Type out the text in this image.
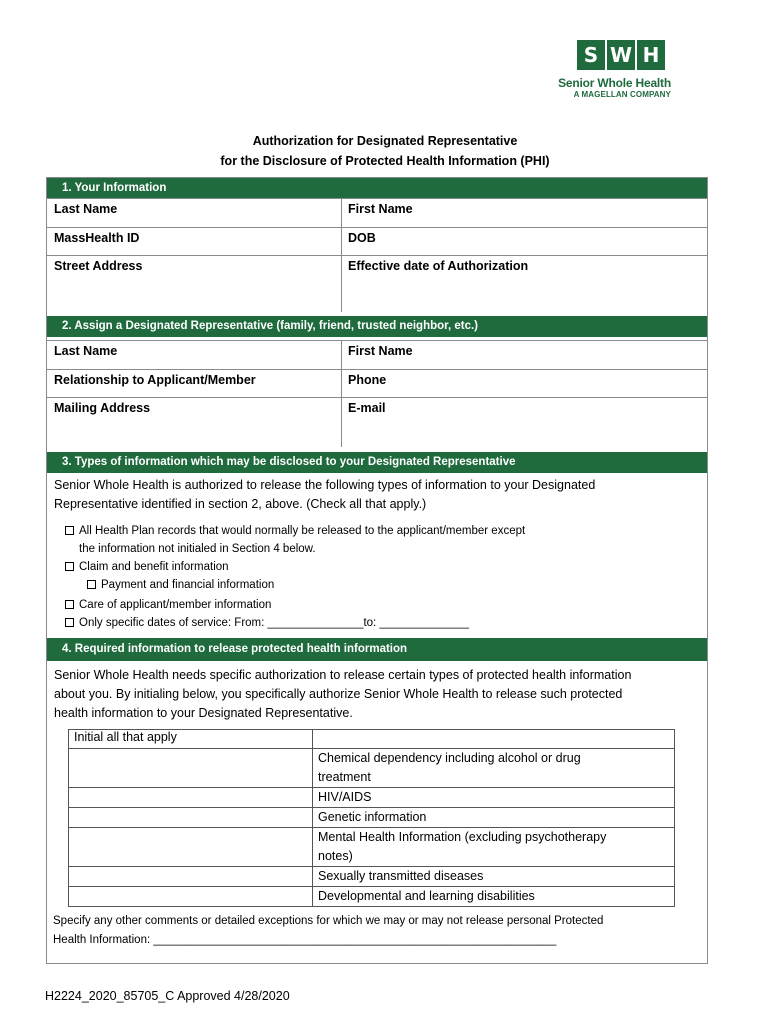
S W H
Senior Whole Health
A MAGELLAN COMPANY
Authorization for Designated Representative
for the Disclosure of Protected Health Information (PHI)
1. Your Information
Last Name	First Name
MassHealth ID	DOB
Street Address	Effective date of Authorization
2. Assign a Designated Representative (family, friend, trusted neighbor, etc.)
Last Name	First Name
Relationship to Applicant/Member	Phone
Mailing Address	E-mail
3. Types of information which may be disclosed to your Designated Representative
Senior Whole Health is authorized to release the following types of information to your Designated
Representative identified in section 2, above. (Check all that apply.)
All Health Plan records that would normally be released to the applicant/member except
the information not initialed in Section 4 below.
Claim and benefit information
Payment and financial information
Care of applicant/member information
Only specific dates of service: From: _______________to: ______________
4. Required information to release protected health information
Senior Whole Health needs specific authorization to release certain types of protected health information
about you. By initialing below, you specifically authorize Senior Whole Health to release such protected
health information to your Designated Representative.
Initial all that apply	
	Chemical dependency including alcohol or drug treatment
	HIV/AIDS
	Genetic information
	Mental Health Information (excluding psychotherapy notes)
	Sexually transmitted diseases
	Developmental and learning disabilities
Specify any other comments or detailed exceptions for which we may or may not release personal Protected
Health Information: _______________________________________________________________
H2224_2020_85705_C Approved 4/28/2020
